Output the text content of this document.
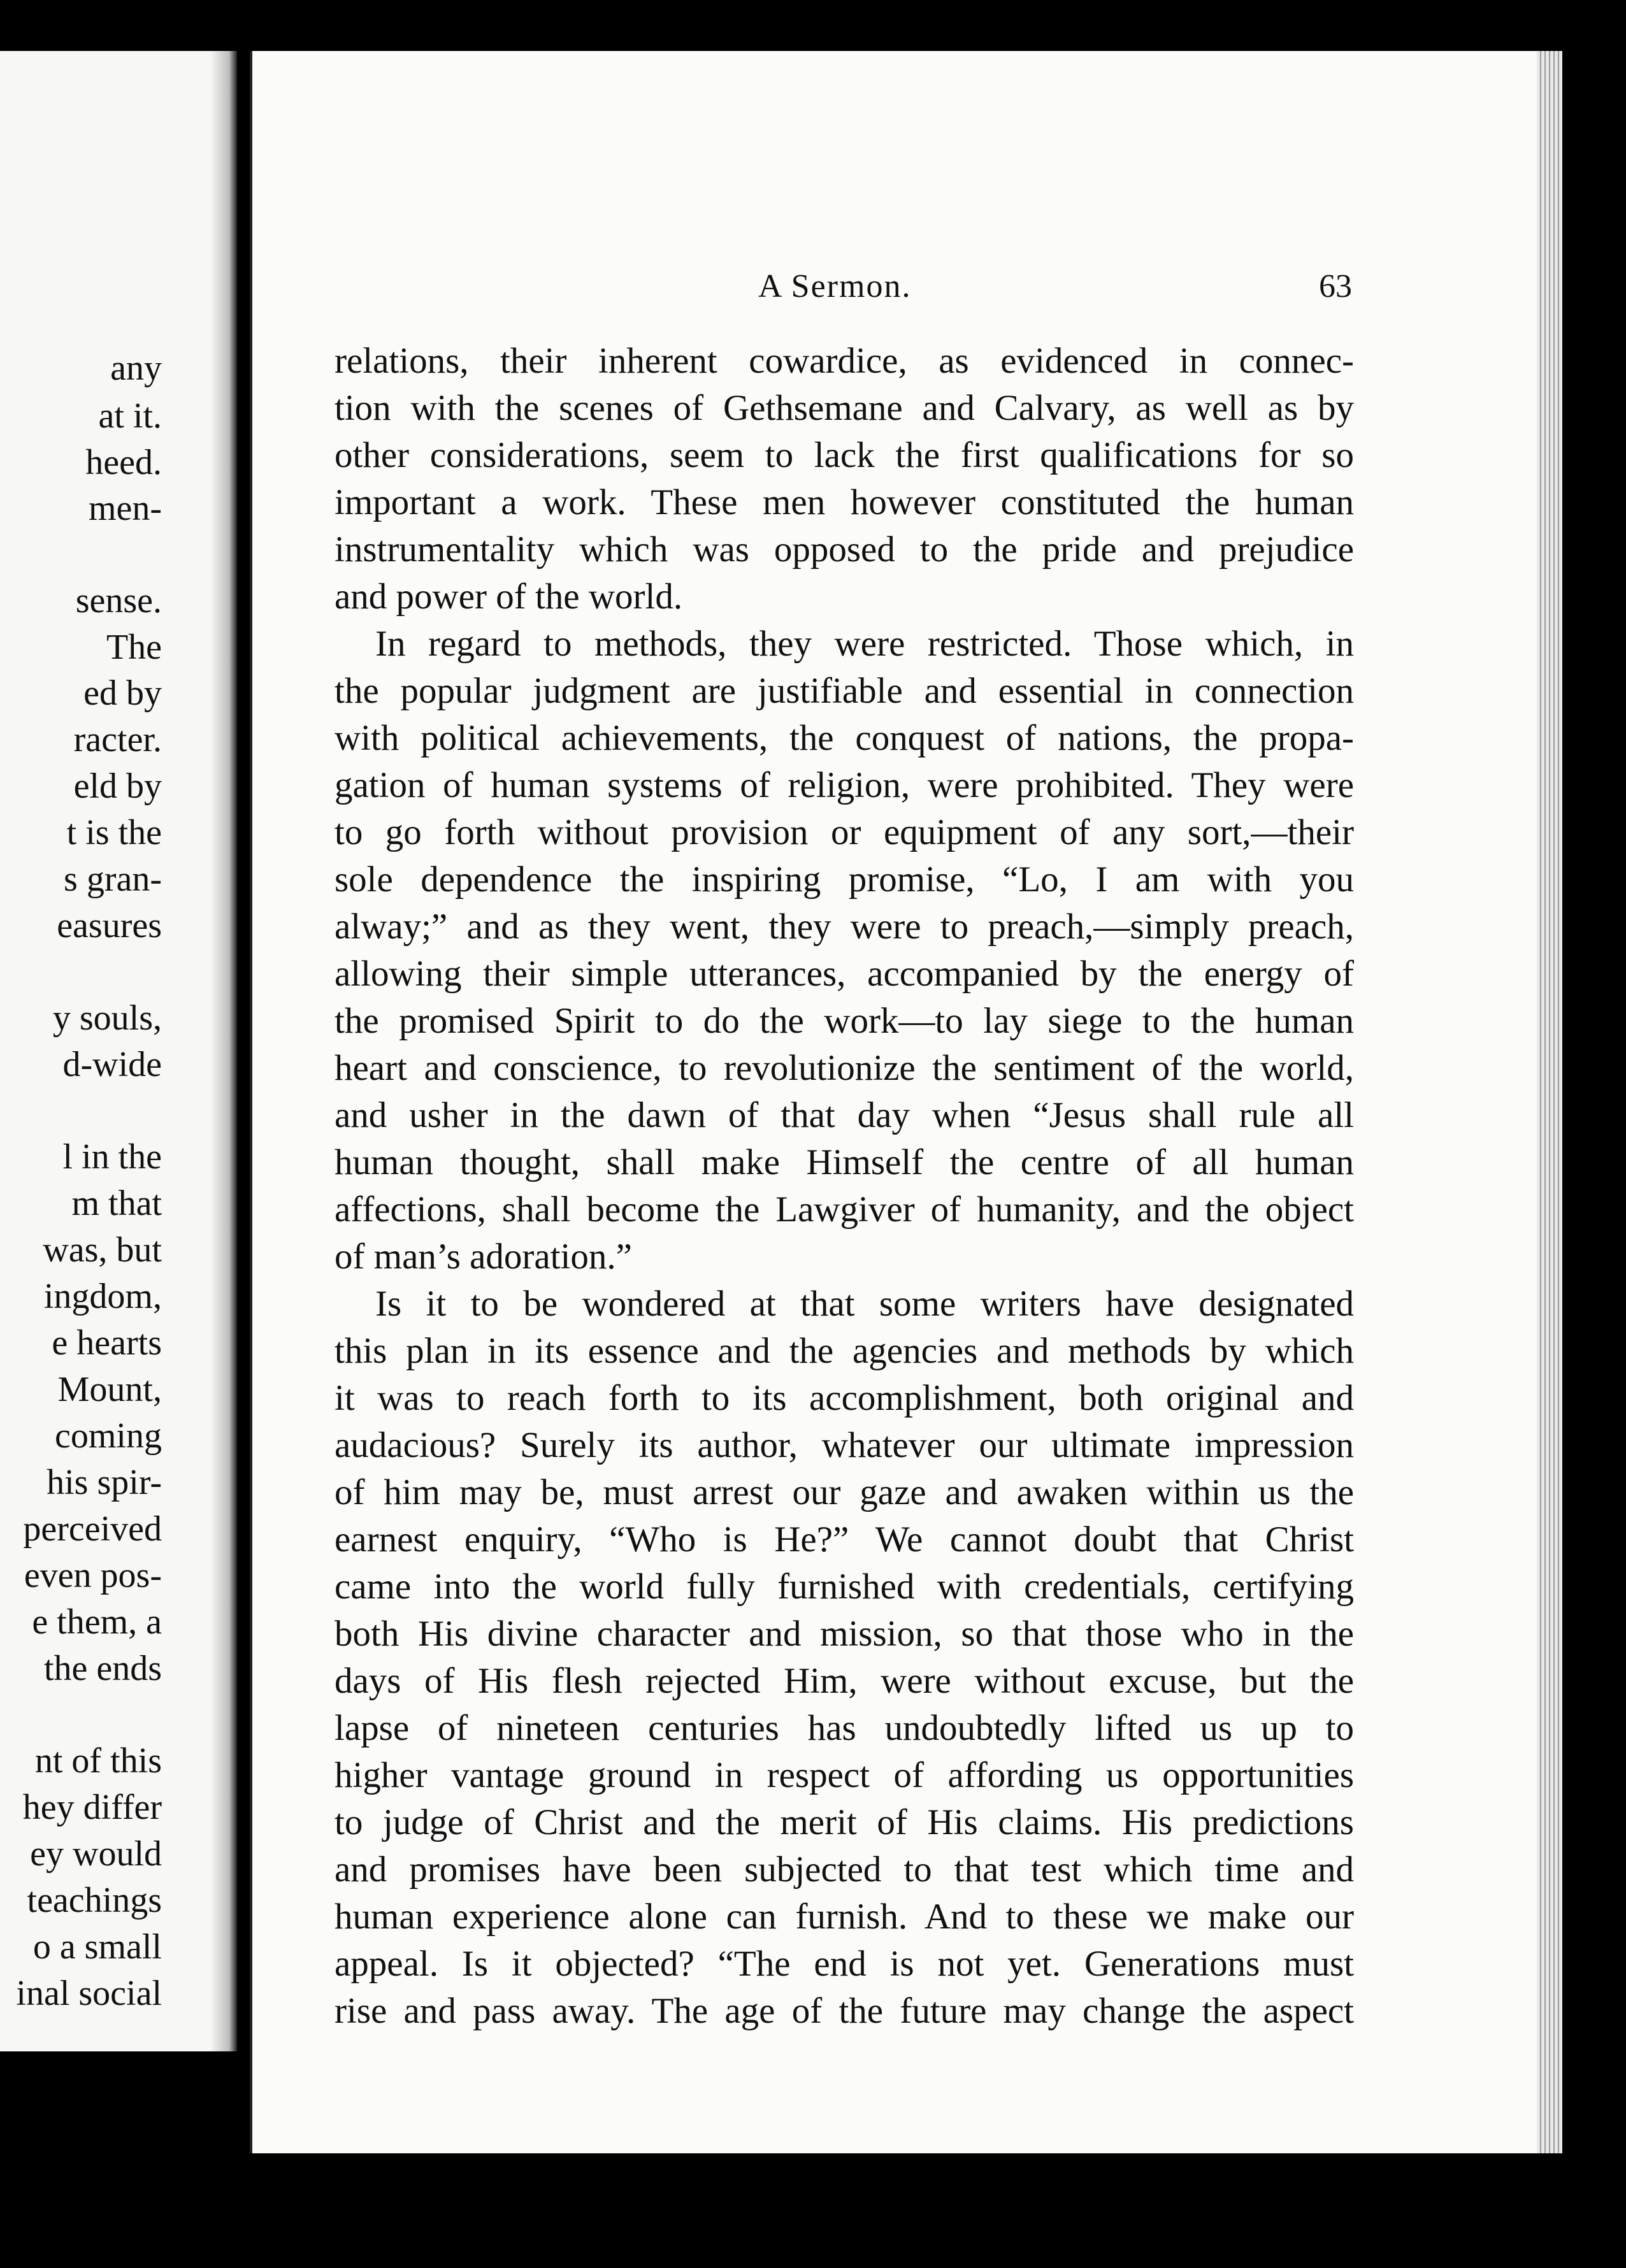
any
at it.
heed.
men-
sense.
The
ed by
racter.
eld by
t is the
s gran-
easures
y souls,
d-wide
l in the
m that
was, but
ingdom,
e hearts
Mount,
coming
his spir-
perceived
even pos-
e them, a
the ends
nt of this
hey differ
ey would
teachings
o a small
inal social
A Sermon.	63
relations, their inherent cowardice, as evidenced in connec-
tion with the scenes of Gethsemane and Calvary, as well as by
other considerations, seem to lack the first qualifications for so
important a work. These men however constituted the human
instrumentality which was opposed to the pride and prejudice
and power of the world.
In regard to methods, they were restricted. Those which, in
the popular judgment are justifiable and essential in connection
with political achievements, the conquest of nations, the propa-
gation of human systems of religion, were prohibited. They were
to go forth without provision or equipment of any sort,—their
sole dependence the inspiring promise, “Lo, I am with you
alway;” and as they went, they were to preach,—simply preach,
allowing their simple utterances, accompanied by the energy of
the promised Spirit to do the work—to lay siege to the human
heart and conscience, to revolutionize the sentiment of the world,
and usher in the dawn of that day when “Jesus shall rule all
human thought, shall make Himself the centre of all human
affections, shall become the Lawgiver of humanity, and the object
of man’s adoration.”
Is it to be wondered at that some writers have designated
this plan in its essence and the agencies and methods by which
it was to reach forth to its accomplishment, both original and
audacious? Surely its author, whatever our ultimate impression
of him may be, must arrest our gaze and awaken within us the
earnest enquiry, “Who is He?” We cannot doubt that Christ
came into the world fully furnished with credentials, certifying
both His divine character and mission, so that those who in the
days of His flesh rejected Him, were without excuse, but the
lapse of nineteen centuries has undoubtedly lifted us up to
higher vantage ground in respect of affording us opportunities
to judge of Christ and the merit of His claims. His predictions
and promises have been subjected to that test which time and
human experience alone can furnish. And to these we make our
appeal. Is it objected? “The end is not yet. Generations must
rise and pass away. The age of the future may change the aspect
